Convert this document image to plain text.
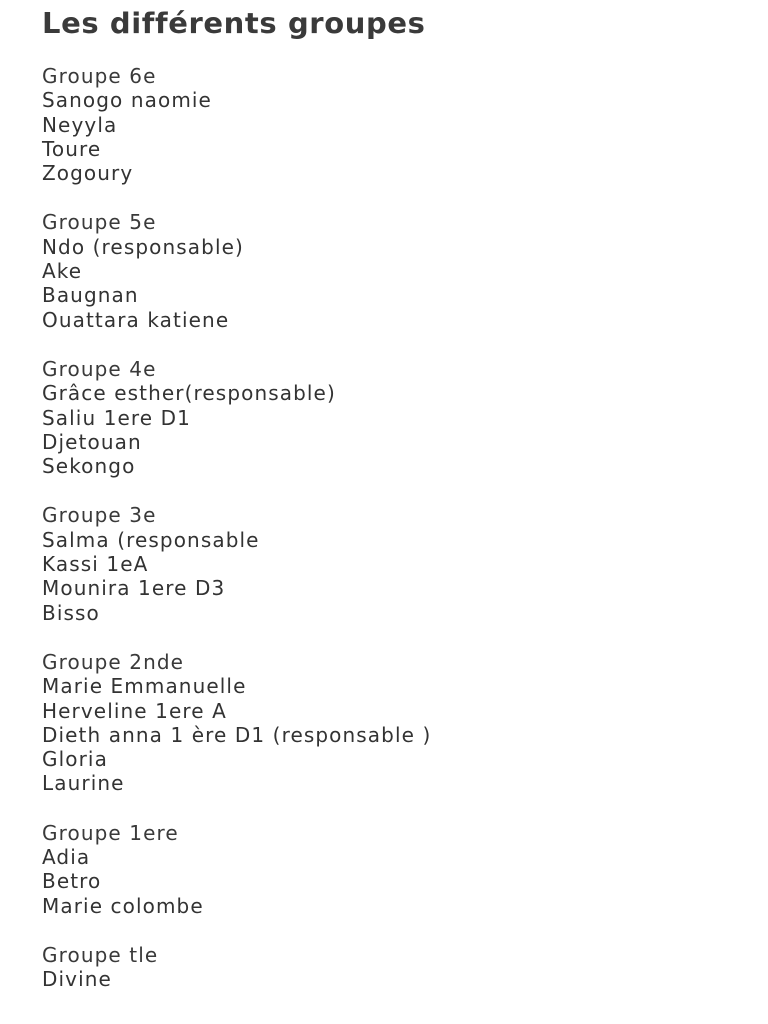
Les différents groupes
Groupe 6e
Sanogo naomie
Neyyla
Toure
Zogoury
Groupe 5e
Ndo (responsable)
Ake
Baugnan
Ouattara katiene
Groupe 4e
Grâce esther(responsable)
Saliu 1ere D1
Djetouan
Sekongo
Groupe 3e
Salma (responsable
Kassi 1eA
Mounira 1ere D3
Bisso
Groupe 2nde
Marie Emmanuelle
Herveline 1ere A
Dieth anna 1 ère D1 (responsable )
Gloria
Laurine
Groupe 1ere
Adia
Betro
Marie colombe
Groupe tle
Divine
